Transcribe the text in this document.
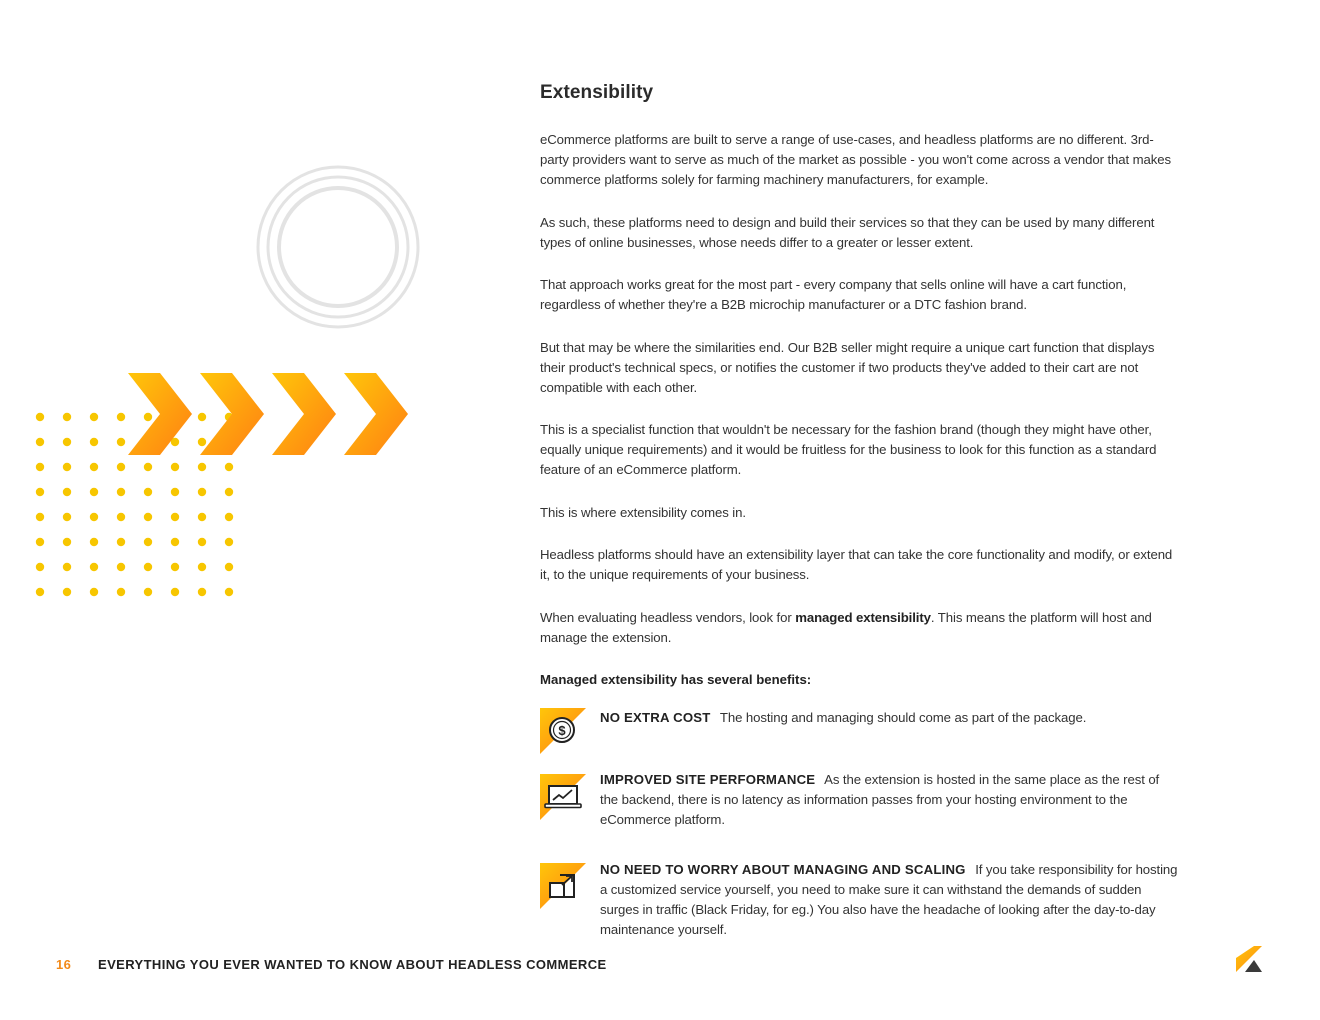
Extensibility

eCommerce platforms are built to serve a range of use-cases, and headless platforms are no different. 3rd-party providers want to serve as much of the market as possible - you won't come across a vendor that makes commerce platforms solely for farming machinery manufacturers, for example.

As such, these platforms need to design and build their services so that they can be used by many different types of online businesses, whose needs differ to a greater or lesser extent.

That approach works great for the most part - every company that sells online will have a cart function, regardless of whether they're a B2B microchip manufacturer or a DTC fashion brand.

But that may be where the similarities end. Our B2B seller might require a unique cart function that displays their product's technical specs, or notifies the customer if two products they've added to their cart are not compatible with each other.

This is a specialist function that wouldn't be necessary for the fashion brand (though they might have other, equally unique requirements) and it would be fruitless for the business to look for this function as a standard feature of an eCommerce platform.

This is where extensibility comes in.

Headless platforms should have an extensibility layer that can take the core functionality and modify, or extend it, to the unique requirements of your business.

When evaluating headless vendors, look for managed extensibility. This means the platform will host and manage the extension.

Managed extensibility has several benefits:

$
NO EXTRA COST The hosting and managing should come as part of the package.
IMPROVED SITE PERFORMANCE As the extension is hosted in the same place as the rest of the backend, there is no latency as information passes from your hosting environment to the eCommerce platform.
NO NEED TO WORRY ABOUT MANAGING AND SCALING If you take responsibility for hosting a customized service yourself, you need to make sure it can withstand the demands of sudden surges in traffic (Black Friday, for eg.) You also have the headache of looking after the day-to-day maintenance yourself.
16 EVERYTHING YOU EVER WANTED TO KNOW ABOUT HEADLESS COMMERCE
